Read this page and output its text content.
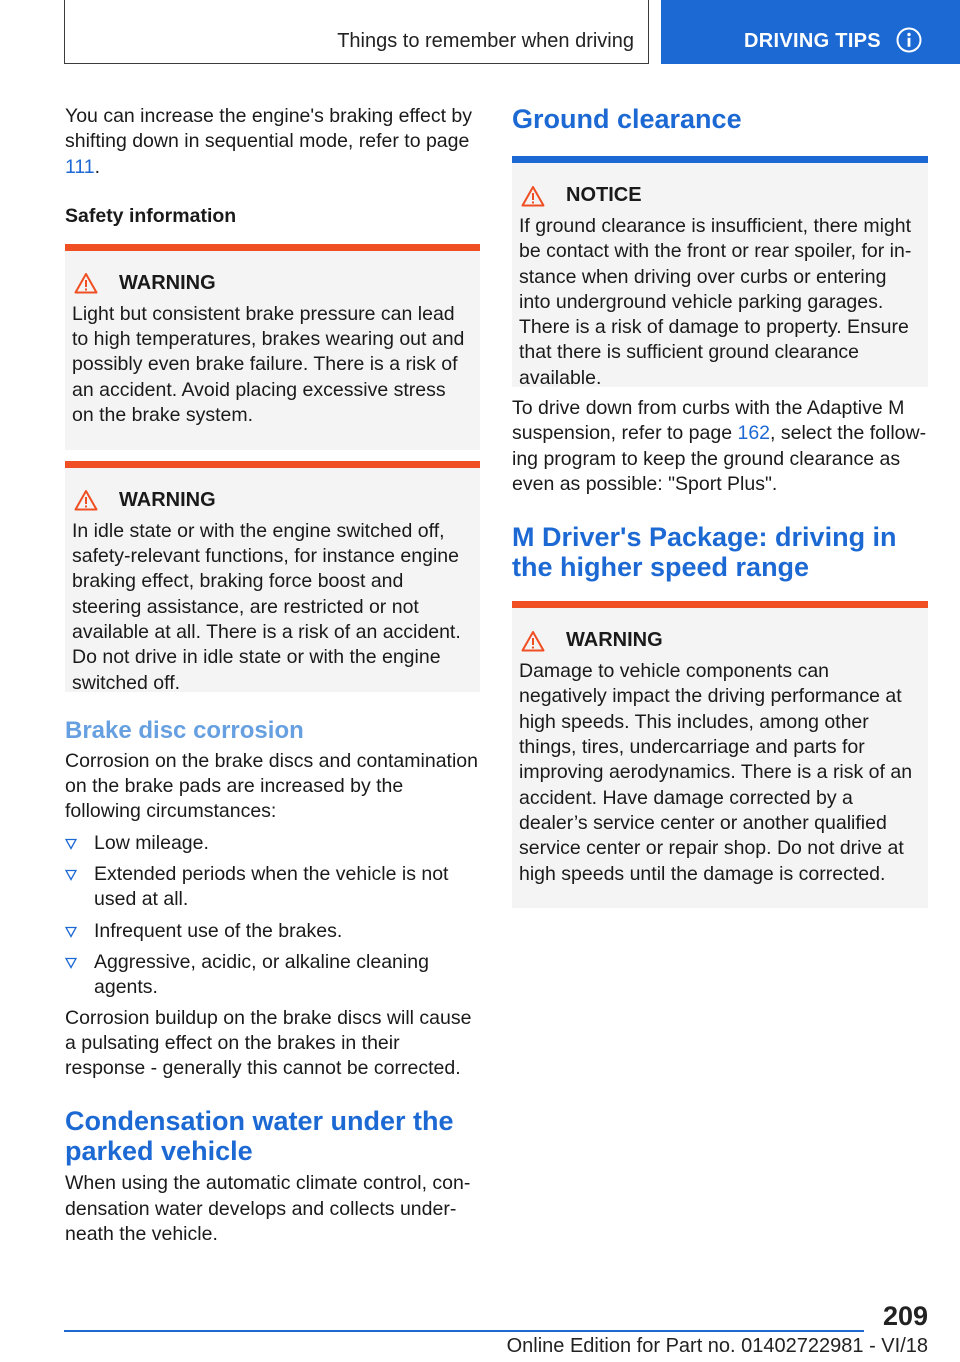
Things to remember when driving	DRIVING TIPS

You can increase the engine's braking effect by shifting down in sequential mode, refer to page 111.

Safety information

WARNING

Light but consistent brake pressure can lead to high temperatures, brakes wearing out and possibly even brake failure. There is a risk of an accident. Avoid placing excessive stress on the brake system.

WARNING

In idle state or with the engine switched off, safety-relevant functions, for instance engine braking effect, braking force boost and steering assistance, are restricted or not available at all. There is a risk of an accident. Do not drive in idle state or with the engine switched off.

Brake disc corrosion

Corrosion on the brake discs and contamination on the brake pads are increased by the following circumstances:

Low mileage.
Extended periods when the vehicle is not used at all.
Infrequent use of the brakes.
Aggressive, acidic, or alkaline cleaning agents.

Corrosion buildup on the brake discs will cause a pulsating effect on the brakes in their response - generally this cannot be corrected.

Condensation water under the parked vehicle

When using the automatic climate control, condensation water develops and collects underneath the vehicle.

Ground clearance

NOTICE

If ground clearance is insufficient, there might be contact with the front or rear spoiler, for instance when driving over curbs or entering into underground vehicle parking garages. There is a risk of damage to property. Ensure that there is sufficient ground clearance available.

To drive down from curbs with the Adaptive M suspension, refer to page 162, select the following program to keep the ground clearance as even as possible: "Sport Plus".

M Driver's Package: driving in the higher speed range

WARNING

Damage to vehicle components can negatively impact the driving performance at high speeds. This includes, among other things, tires, undercarriage and parts for improving aerodynamics. There is a risk of an accident. Have damage corrected by a dealer’s service center or another qualified service center or repair shop. Do not drive at high speeds until the damage is corrected.

209
Online Edition for Part no. 01402722981 - VI/18
